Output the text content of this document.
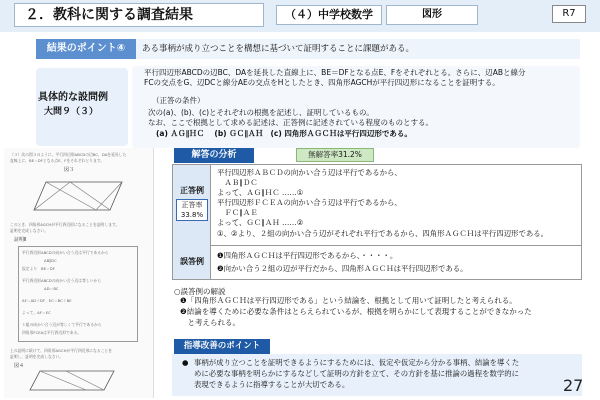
２．教科に関する調査結果	（４）中学校数学	図形	R7
結果のポイント④	ある事柄が成り立つことを構想に基づいて証明することに課題がある。
具体的な設問例
大問９（３）
平行四辺形ABCDの辺BC、DAを延長した直線上に、BE＝DFとなる点E、Fをそれぞれとる。さらに、辺ABと線分
FCの交点をG、辺DCと線分AEの交点をHとしたとき、四角形AGCHが平行四辺形になることを証明する。
（正答の条件）
次の(a)、(b)、(c)とそれぞれの根拠を記述し、証明しているもの。
なお、ここで根拠として求める記述は、正答例に記述されている程度のものとする。
(a) ＡＧ∥ＨＣ　 (b) ＧＣ∥ＡＨ　(c) 四角形ＡＧＣＨは平行四辺形である。
（３）次の図３のように、平行四辺形ABCDの辺BC、DAを延長した
直線上に、BE＝DFとなる点E、Fをそれぞれとります。
図３
このとき、四角形AGCHが平行四辺形になることを証明します。
証明を完成しなさい。
証明Ⅱ
平行四辺形ABCDの向かい合う辺は平行であるから
AB∥DC
仮定より　BE＝DF
平行四辺形ABCDの向かい合う辺は等しいから
AD＝BC
AF＝AD＋DF　EC＝BC＋BE
よって、AF＝EC
１組の向かい合う辺が等しくて平行であるから
四角形FCEAは平行四辺形である。
上の証明に続けて、四角形AGCHが平行四辺形になることを
証明し、証明を完成しなさい。
図４
解答の分析	無解答率31.2%
正答例
正答率
33.8%
平行四辺形ＡＢＣＤの向かい合う辺は平行であるから、
　ＡＢ∥ＤＣ
よって、ＡＧ∥ＨＣ ……①
平行四辺形ＦＣＥＡの向かい合う辺は平行であるから、
　ＦＣ∥ＡＥ
よって、ＧＣ∥ＡＨ ……②
①、②より、２組の向かい合う辺がそれぞれ平行であるから、四角形ＡＧＣＨは平行四辺形である。
誤答例
❶四角形ＡＧＣＨは平行四辺形であるから、・・・・。
❷向かい合う２組の辺が平行だから、四角形ＡＧＣＨは平行四辺形である。
○誤答例の解説
❶「四角形ＡＧＣＨは平行四辺形である」という結論を、根拠として用いて証明したと考えられる。
❷結論を導くために必要な条件はとらえられているが、根拠を明らかにして表現することができなかった
　と考えられる。
指導改善のポイント
● 事柄が成り立つことを証明できるようにするためには、仮定や仮定から分かる事柄、結論を導くた
めに必要な事柄を明らかにするなどして証明の方針を立て、その方針を基に推論の過程を数学的に
表現できるように指導することが大切である。	27
